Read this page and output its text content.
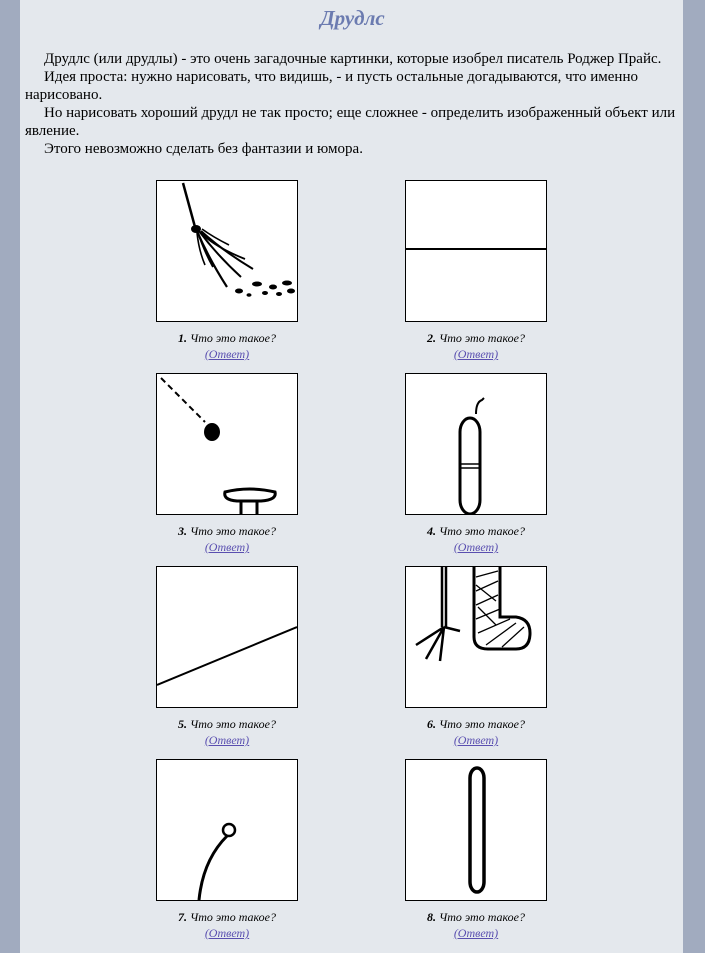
Друдлс

Друдлс (или друдлы) - это очень загадочные картинки, которые изобрел писатель Роджер Прайс.

Идея проста: нужно нарисовать, что видишь, - и пусть остальные догадываются, что именно нарисовано.

Но нарисовать хороший друдл не так просто; еще сложнее - определить изображенный объект или явление.

Этого невозможно сделать без фантазии и юмора.

1. Что это такое?
(Ответ)
2. Что это такое?
(Ответ)
3. Что это такое?
(Ответ)
4. Что это такое?
(Ответ)
5. Что это такое?
(Ответ)
6. Что это такое?
(Ответ)
7. Что это такое?
(Ответ)
8. Что это такое?
(Ответ)
